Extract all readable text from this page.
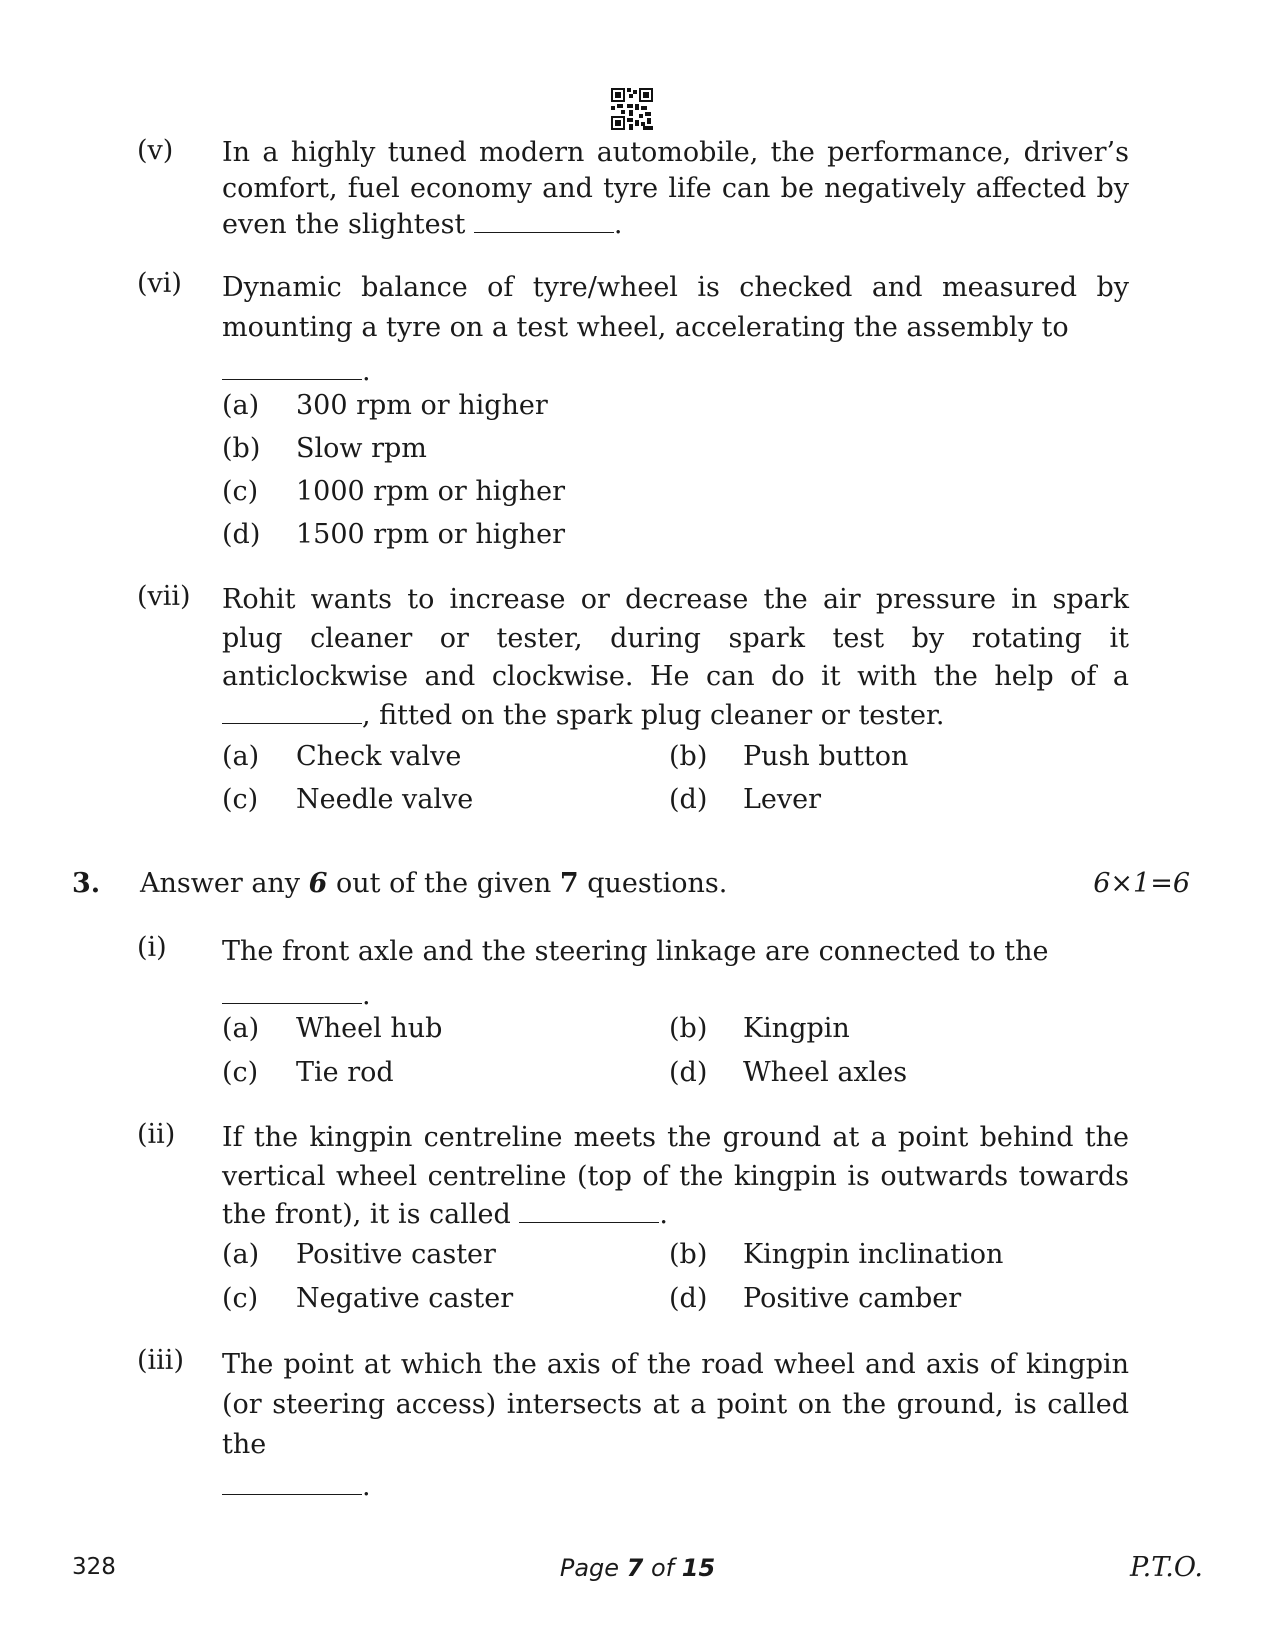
(v) In a highly tuned modern automobile, the performance, driver’s comfort, fuel economy and tyre life can be negatively affected by even the slightest	.
(vi) Dynamic balance of tyre/wheel is checked and measured by mounting a tyre on a test wheel, accelerating the assembly to
.
(a) 300 rpm or higher
(b) Slow rpm
(c) 1000 rpm or higher
(d) 1500 rpm or higher
(vii) Rohit wants to increase or decrease the air pressure in spark plug cleaner or tester, during spark test by rotating it anticlockwise and clockwise. He can do it with the help of a , fitted on the spark plug cleaner or tester.
(a) Check valve	(b) Push button
(c) Needle valve	(d) Lever
3. Answer any 6 out of the given 7 questions.	6×1=6
(i) The front axle and the steering linkage are connected to the
.
(a) Wheel hub	(b) Kingpin
(c) Tie rod	(d) Wheel axles
(ii) If the kingpin centreline meets the ground at a point behind the vertical wheel centreline (top of the kingpin is outwards towards the front), it is called	.
(a) Positive caster	(b) Kingpin inclination
(c) Negative caster	(d) Positive camber
(iii) The point at which the axis of the road wheel and axis of kingpin (or steering access) intersects at a point on the ground, is called the
.
328	Page 7 of 15	P.T.O.
